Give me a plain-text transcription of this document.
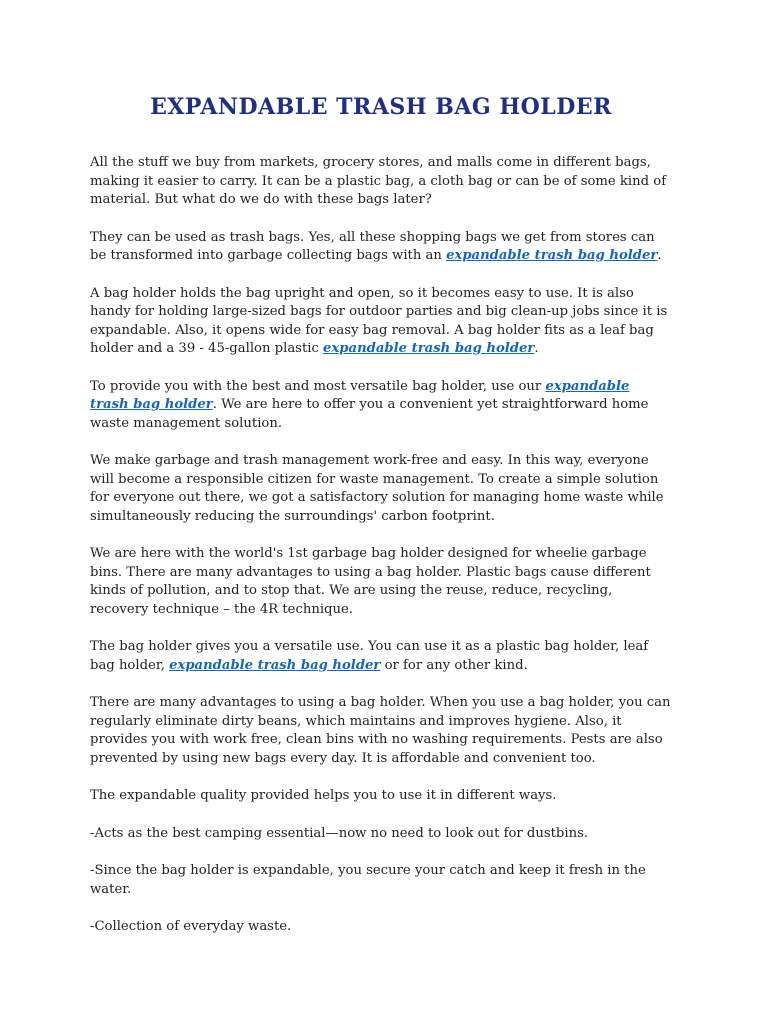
EXPANDABLE TRASH BAG HOLDER

All the stuff we buy from markets, grocery stores, and malls come in different bags, making it easier to carry. It can be a plastic bag, a cloth bag or can be of some kind of material. But what do we do with these bags later?

They can be used as trash bags. Yes, all these shopping bags we get from stores can be transformed into garbage collecting bags with an expandable trash bag holder.

A bag holder holds the bag upright and open, so it becomes easy to use. It is also handy for holding large-sized bags for outdoor parties and big clean-up jobs since it is expandable. Also, it opens wide for easy bag removal. A bag holder fits as a leaf bag holder and a 39 - 45-gallon plastic expandable trash bag holder.

To provide you with the best and most versatile bag holder, use our expandable trash bag holder. We are here to offer you a convenient yet straightforward home waste management solution.

We make garbage and trash management work-free and easy. In this way, everyone will become a responsible citizen for waste management. To create a simple solution for everyone out there, we got a satisfactory solution for managing home waste while simultaneously reducing the surroundings' carbon footprint.

We are here with the world's 1st garbage bag holder designed for wheelie garbage bins. There are many advantages to using a bag holder. Plastic bags cause different kinds of pollution, and to stop that. We are using the reuse, reduce, recycling, recovery technique – the 4R technique.

The bag holder gives you a versatile use. You can use it as a plastic bag holder, leaf bag holder, expandable trash bag holder or for any other kind.

There are many advantages to using a bag holder. When you use a bag holder, you can regularly eliminate dirty beans, which maintains and improves hygiene. Also, it provides you with work free, clean bins with no washing requirements. Pests are also prevented by using new bags every day. It is affordable and convenient too.

The expandable quality provided helps you to use it in different ways.

-Acts as the best camping essential—now no need to look out for dustbins.

-Since the bag holder is expandable, you secure your catch and keep it fresh in the water.

-Collection of everyday waste.
